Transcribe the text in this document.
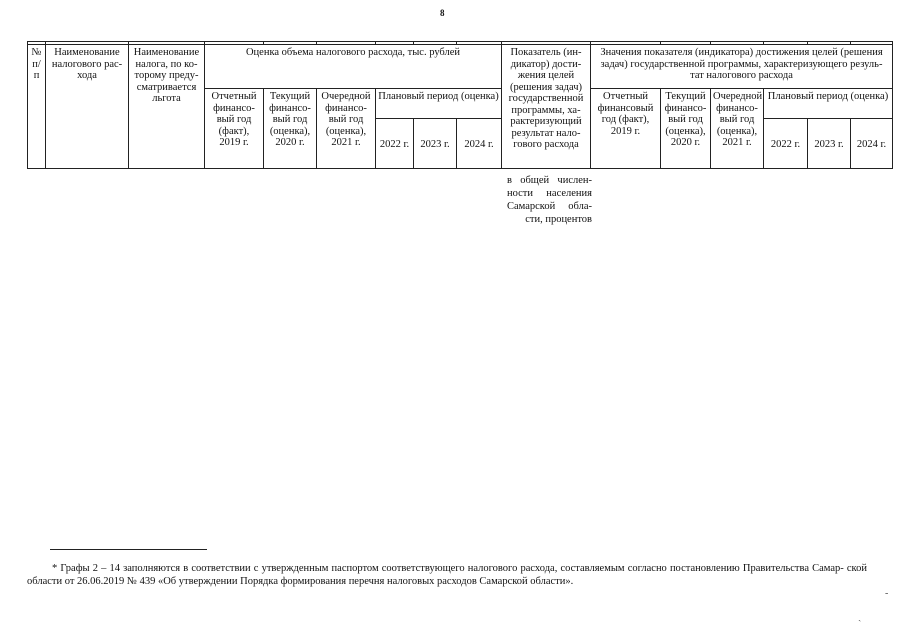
8

№ п/п	Наименование налогового рас- хода	Наименование налога, по ко- торому преду- сматривается льгота	Оценка объема налогового расхода, тыс. рублей						Показатель (ин- дикатор) дости- жения целей (решения задач) государственной программы, ха- рактеризующий результат нало- гового расхода	Значения показателя (индикатора) достижения целей (решения задач) государственной программы, характеризующего резуль- тат налогового расхода					
			Отчетный финансо- вый год (факт), 2019 г.	Текущий финансо- вый год (оценка), 2020 г.	Очередной финансо- вый год (оценка), 2021 г.	Плановый период (оценка)				Отчетный финансовый год (факт), 2019 г.	Текущий финансо- вый год (оценка), 2020 г.	Очередной финансо- вый год (оценка), 2021 г.	Плановый период (оценка)		
						2022 г.	2023 г.	2024 г.					2022 г.	2023 г.	2024 г.
в общей числен- ности населения Самарской обла- сти, процентов
* Графы 2 – 14 заполняются в соответствии с утвержденным паспортом соответствующего налогового расхода, составляемым согласно постановлению Правительства Самар- ской области от 26.06.2019 № 439 «Об утверждении Порядка формирования перечня налоговых расходов Самарской области».
-
ˏ
